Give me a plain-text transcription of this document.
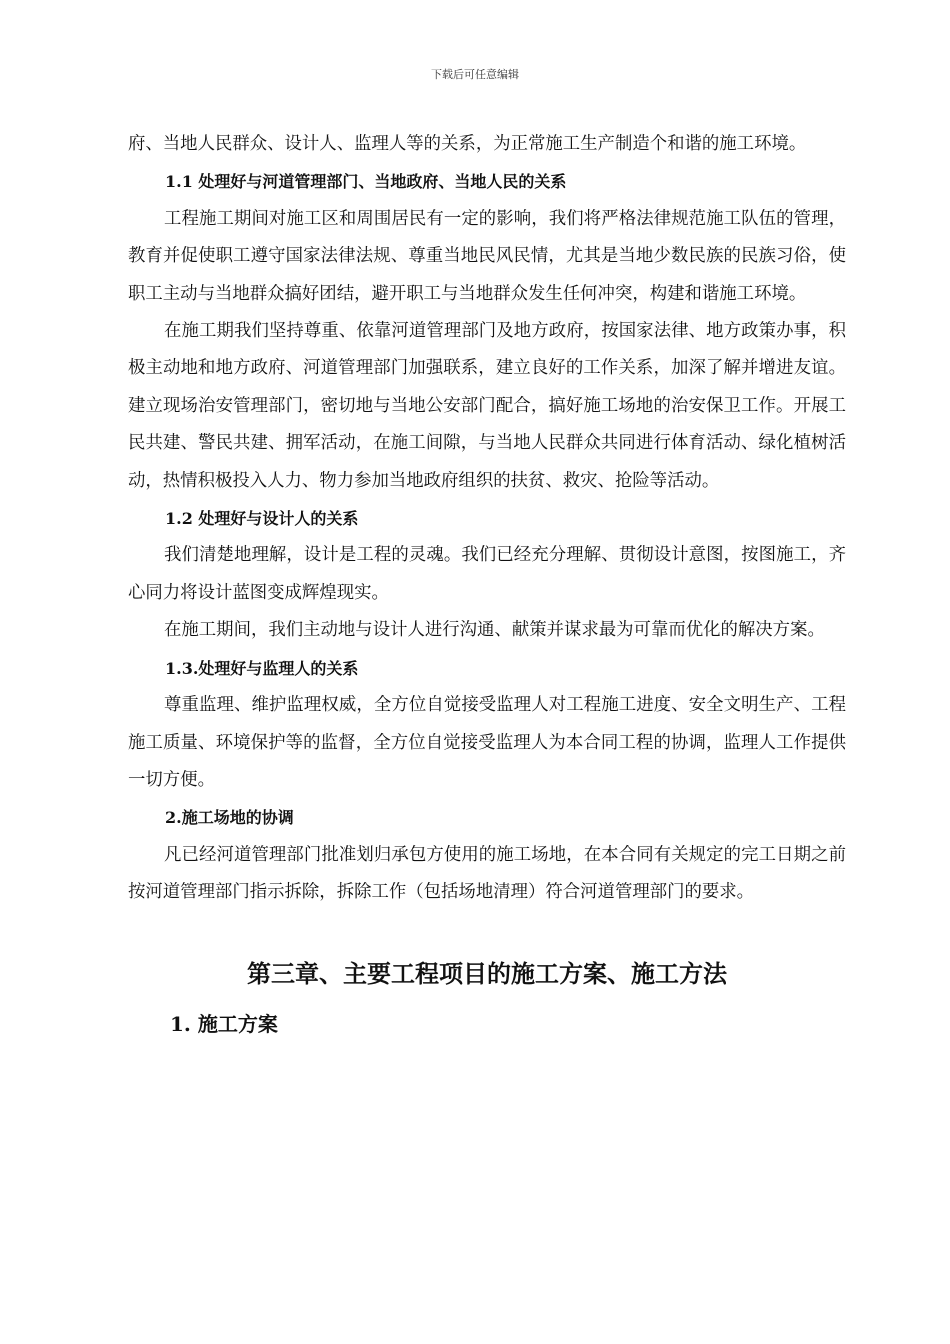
下载后可任意编辑

府、当地人民群众、设计人、监理人等的关系，为正常施工生产制造个和谐的施工环境。

1.1 处理好与河道管理部门、当地政府、当地人民的关系

工程施工期间对施工区和周围居民有一定的影响，我们将严格法律规范施工队伍的管理，教育并促使职工遵守国家法律法规、尊重当地民风民情，尤其是当地少数民族的民族习俗，使职工主动与当地群众搞好团结，避开职工与当地群众发生任何冲突，构建和谐施工环境。

在施工期我们坚持尊重、依靠河道管理部门及地方政府，按国家法律、地方政策办事，积极主动地和地方政府、河道管理部门加强联系，建立良好的工作关系，加深了解并增进友谊。建立现场治安管理部门，密切地与当地公安部门配合，搞好施工场地的治安保卫工作。开展工民共建、警民共建、拥军活动，在施工间隙，与当地人民群众共同进行体育活动、绿化植树活动，热情积极投入人力、物力参加当地政府组织的扶贫、救灾、抢险等活动。

1.2 处理好与设计人的关系

我们清楚地理解，设计是工程的灵魂。我们已经充分理解、贯彻设计意图，按图施工，齐心同力将设计蓝图变成辉煌现实。

在施工期间，我们主动地与设计人进行沟通、献策并谋求最为可靠而优化的解决方案。

1.3.处理好与监理人的关系

尊重监理、维护监理权威，全方位自觉接受监理人对工程施工进度、安全文明生产、工程施工质量、环境保护等的监督，全方位自觉接受监理人为本合同工程的协调，监理人工作提供一切方便。

2.施工场地的协调

凡已经河道管理部门批准划归承包方使用的施工场地，在本合同有关规定的完工日期之前按河道管理部门指示拆除，拆除工作（包括场地清理）符合河道管理部门的要求。

第三章、主要工程项目的施工方案、施工方法
1. 施工方案
